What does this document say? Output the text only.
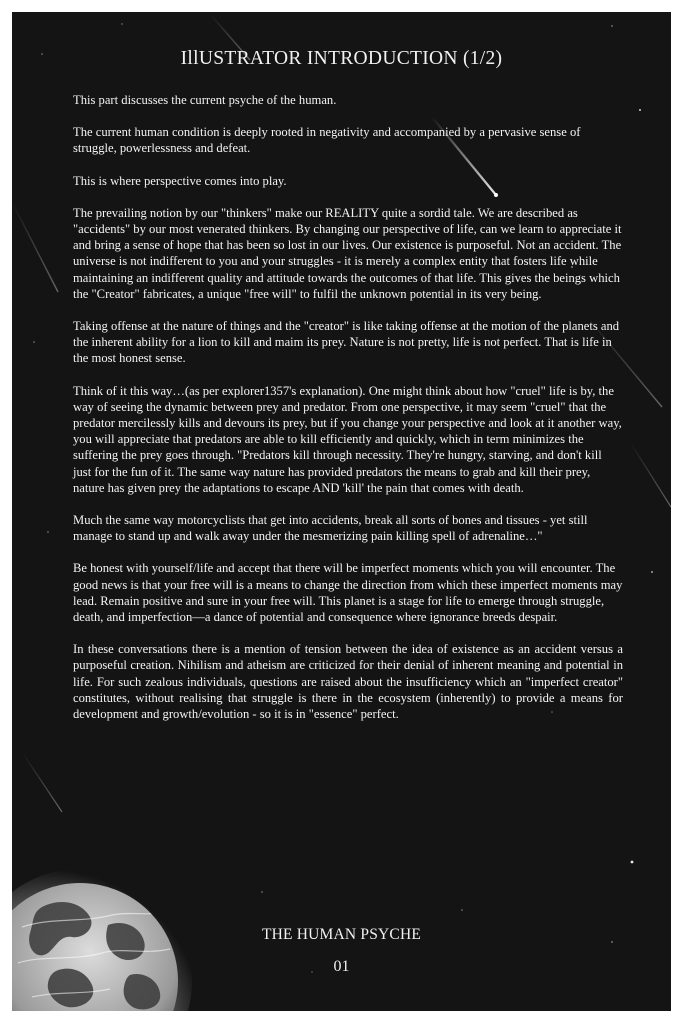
IllUSTRATOR INTRODUCTION (1/2)

This part discusses the current psyche of the human.

The current human condition is deeply rooted in negativity and accompanied by a pervasive sense of struggle, powerlessness and defeat.

This is where perspective comes into play.

The prevailing notion by our "thinkers" make our REALITY quite a sordid tale. We are described as "accidents" by our most venerated thinkers. By changing our perspective of life, can we learn to appreciate it and bring a sense of hope that has been so lost in our lives. Our existence is purposeful. Not an accident. The universe is not indifferent to you and your struggles - it is merely a complex entity that fosters life while maintaining an indifferent quality and attitude towards the outcomes of that life. This gives the beings which the "Creator" fabricates, a unique "free will" to fulfil the unknown potential in its very being.

Taking offense at the nature of things and the "creator" is like taking offense at the motion of the planets and the inherent ability for a lion to kill and maim its prey. Nature is not pretty, life is not perfect. That is life in the most honest sense.

Think of it this way…(as per explorer1357's explanation). One might think about how "cruel" life is by, the way of seeing the dynamic between prey and predator. From one perspective, it may seem "cruel" that the predator mercilessly kills and devours its prey, but if you change your perspective and look at it another way, you will appreciate that predators are able to kill efficiently and quickly, which in term minimizes the suffering the prey goes through. "Predators kill through necessity. They're hungry, starving, and don't kill just for the fun of it. The same way nature has provided predators the means to grab and kill their prey, nature has given prey the adaptations to escape AND 'kill' the pain that comes with death.

Much the same way motorcyclists that get into accidents, break all sorts of bones and tissues - yet still manage to stand up and walk away under the mesmerizing pain killing spell of adrenaline…"

Be honest with yourself/life and accept that there will be imperfect moments which you will encounter. The good news is that your free will is a means to change the direction from which these imperfect moments may lead. Remain positive and sure in your free will. This planet is a stage for life to emerge through struggle, death, and imperfection—a dance of potential and consequence where ignorance breeds despair.

In these conversations there is a mention of tension between the idea of existence as an accident versus a purposeful creation. Nihilism and atheism are criticized for their denial of inherent meaning and potential in life. For such zealous individuals, questions are raised about the insufficiency which an "imperfect creator" constitutes, without realising that struggle is there in the ecosystem (inherently) to provide a means for development and growth/evolution - so it is in "essence" perfect.

THE HUMAN PSYCHE
01
